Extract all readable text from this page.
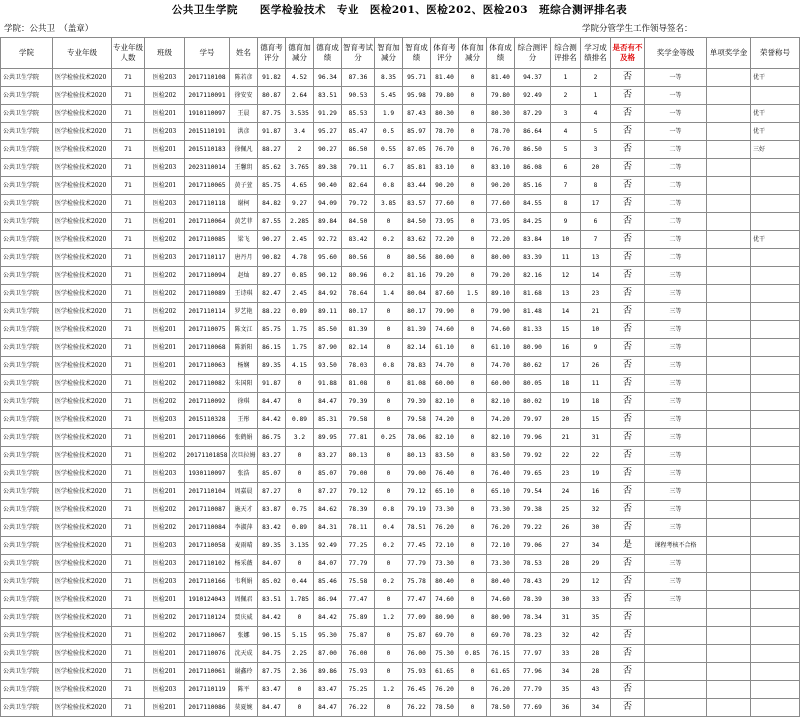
公共卫生学院　　医学检验技术　专业　医检201、医检202、医检203　班综合测评排名表
学院：公共卫　（盖章）	学院分管学生工作领导签名：
学院	专业年级	专业年级人数	班级	学号	姓名	德育考评分	德育加减分	德育成绩	智育考试分	智育加减分	智育成绩	体育考评分	体育加减分	体育成绩	综合测评分	综合测评排名	学习成绩排名	是否有不及格	奖学金等级	单项奖学金	荣誉称号
公共卫生学院	医学检验技术2020	71	医检203	2017110108	陈若彦	91.82	4.52	96.34	87.36	8.35	95.71	81.40	0	81.40	94.37	1	2	否	一等		优干
公共卫生学院	医学检验技术2020	71	医检202	2017110091	徐安安	80.87	2.64	83.51	90.53	5.45	95.98	79.80	0	79.80	92.49	2	1	否	一等		
公共卫生学院	医学检验技术2020	71	医检201	1910110097	王晨	87.75	3.535	91.29	85.53	1.9	87.43	80.30	0	80.30	87.29	3	4	否	一等		优干
公共卫生学院	医学检验技术2020	71	医检203	2015110191	洪彦	91.87	3.4	95.27	85.47	0.5	85.97	78.70	0	78.70	86.64	4	5	否	一等		优干
公共卫生学院	医学检验技术2020	71	医检201	2015110183	徐佩凡	88.27	2	90.27	86.50	0.55	87.05	76.70	0	76.70	86.50	5	3	否	二等		三好
公共卫生学院	医学检验技术2020	71	医检203	2023110014	王馨玥	85.62	3.765	89.38	79.11	6.7	85.81	83.10	0	83.10	86.08	6	20	否	二等		
公共卫生学院	医学检验技术2020	71	医检201	2017110065	黄子萱	85.75	4.65	90.40	82.64	0.8	83.44	90.20	0	90.20	85.16	7	8	否	二等		
公共卫生学院	医学检验技术2020	71	医检203	2017110118	谢柯	84.82	9.27	94.09	79.72	3.85	83.57	77.60	0	77.60	84.55	8	17	否	二等		
公共卫生学院	医学检验技术2020	71	医检201	2017110064	黄艺菲	87.55	2.285	89.84	84.50	0	84.50	73.95	0	73.95	84.25	9	6	否	二等		
公共卫生学院	医学检验技术2020	71	医检202	2017110085	梁飞	90.27	2.45	92.72	83.42	0.2	83.62	72.20	0	72.20	83.84	10	7	否	二等		优干
公共卫生学院	医学检验技术2020	71	医检203	2017110117	唐丹月	90.82	4.78	95.60	80.56	0	80.56	80.00	0	80.00	83.39	11	13	否	二等		
公共卫生学院	医学检验技术2020	71	医检202	2017110094	赵灿	89.27	0.85	90.12	80.96	0.2	81.16	79.20	0	79.20	82.16	12	14	否	三等		
公共卫生学院	医学检验技术2020	71	医检202	2017110089	王诗琪	82.47	2.45	84.92	78.64	1.4	80.04	87.60	1.5	89.10	81.68	13	23	否	三等		
公共卫生学院	医学检验技术2020	71	医检202	2017110114	罗艺艳	88.22	0.89	89.11	80.17	0	80.17	79.90	0	79.90	81.48	14	21	否	三等		
公共卫生学院	医学检验技术2020	71	医检201	2017110075	陈文江	85.75	1.75	85.50	81.39	0	81.39	74.60	0	74.60	81.33	15	10	否	三等		
公共卫生学院	医学检验技术2020	71	医检201	2017110068	陈新阳	86.15	1.75	87.90	82.14	0	82.14	61.10	0	61.10	80.90	16	9	否	三等		
公共卫生学院	医学检验技术2020	71	医检201	2017110063	杨娴	89.35	4.15	93.50	78.03	0.8	78.83	74.70	0	74.70	80.62	17	26	否	三等		
公共卫生学院	医学检验技术2020	71	医检202	2017110082	朱国阳	91.87	0	91.88	81.08	0	81.08	60.00	0	60.00	80.05	18	11	否	三等		
公共卫生学院	医学检验技术2020	71	医检202	2017110092	徐琪	84.47	0	84.47	79.39	0	79.39	82.10	0	82.10	80.02	19	18	否	三等		
公共卫生学院	医学检验技术2020	71	医检203	2015110328	王彤	84.42	0.89	85.31	79.58	0	79.58	74.20	0	74.20	79.97	20	15	否	三等		
公共卫生学院	医学检验技术2020	71	医检201	2017110066	张鹤娟	86.75	3.2	89.95	77.81	0.25	78.06	82.10	0	82.10	79.96	21	31	否	三等		
公共卫生学院	医学检验技术2020	71	医检202	20171101858	次旦拉姆	83.27	0	83.27	80.13	0	80.13	83.50	0	83.50	79.92	22	22	否	三等		
公共卫生学院	医学检验技术2020	71	医检203	1930110097	张浩	85.07	0	85.07	79.00	0	79.00	76.40	0	76.40	79.65	23	19	否	三等		
公共卫生学院	医学检验技术2020	71	医检201	2017110104	周嘉晨	87.27	0	87.27	79.12	0	79.12	65.10	0	65.10	79.54	24	16	否	三等		
公共卫生学院	医学检验技术2020	71	医检202	2017110087	施天才	83.87	0.75	84.62	78.39	0.8	79.19	73.30	0	73.30	79.38	25	32	否	三等		
公共卫生学院	医学检验技术2020	71	医检202	2017110084	李淑萍	83.42	0.89	84.31	78.11	0.4	78.51	76.20	0	76.20	79.22	26	30	否	三等		
公共卫生学院	医学检验技术2020	71	医检203	2017110058	麦雨晴	89.35	3.135	92.49	77.25	0.2	77.45	72.10	0	72.10	79.06	27	34	是	课程考核不合格		
公共卫生学院	医学检验技术2020	71	医检203	2017110102	杨采薇	84.07	0	84.07	77.79	0	77.79	73.30	0	73.30	78.53	28	29	否	三等		
公共卫生学院	医学检验技术2020	71	医检203	2017110166	韦利娟	85.02	0.44	85.46	75.58	0.2	75.78	80.40	0	80.40	78.43	29	12	否	三等		
公共卫生学院	医学检验技术2020	71	医检201	1910124043	周佩君	83.51	1.785	86.94	77.47	0	77.47	74.60	0	74.60	78.39	30	33	否	三等		
公共卫生学院	医学检验技术2020	71	医检202	2017110124	贾庆威	84.42	0	84.42	75.89	1.2	77.09	80.90	0	80.90	78.34	31	35	否			
公共卫生学院	医学检验技术2020	71	医检202	2017110067	张娜	90.15	5.15	95.30	75.87	0	75.87	69.70	0	69.70	78.23	32	42	否			
公共卫生学院	医学检验技术2020	71	医检201	2017110076	沈天成	84.75	2.25	87.00	76.00	0	76.00	75.30	0.85	76.15	77.97	33	28	否			
公共卫生学院	医学检验技术2020	71	医检201	2017110061	谢鑫玲	87.75	2.36	89.86	75.93	0	75.93	61.65	0	61.65	77.96	34	28	否			
公共卫生学院	医学检验技术2020	71	医检203	2017110119	陈平	83.47	0	83.47	75.25	1.2	76.45	76.20	0	76.20	77.79	35	43	否			
公共卫生学院	医学检验技术2020	71	医检201	2017110086	莫夏婉	84.47	0	84.47	76.22	0	76.22	78.50	0	78.50	77.69	36	34	否			
